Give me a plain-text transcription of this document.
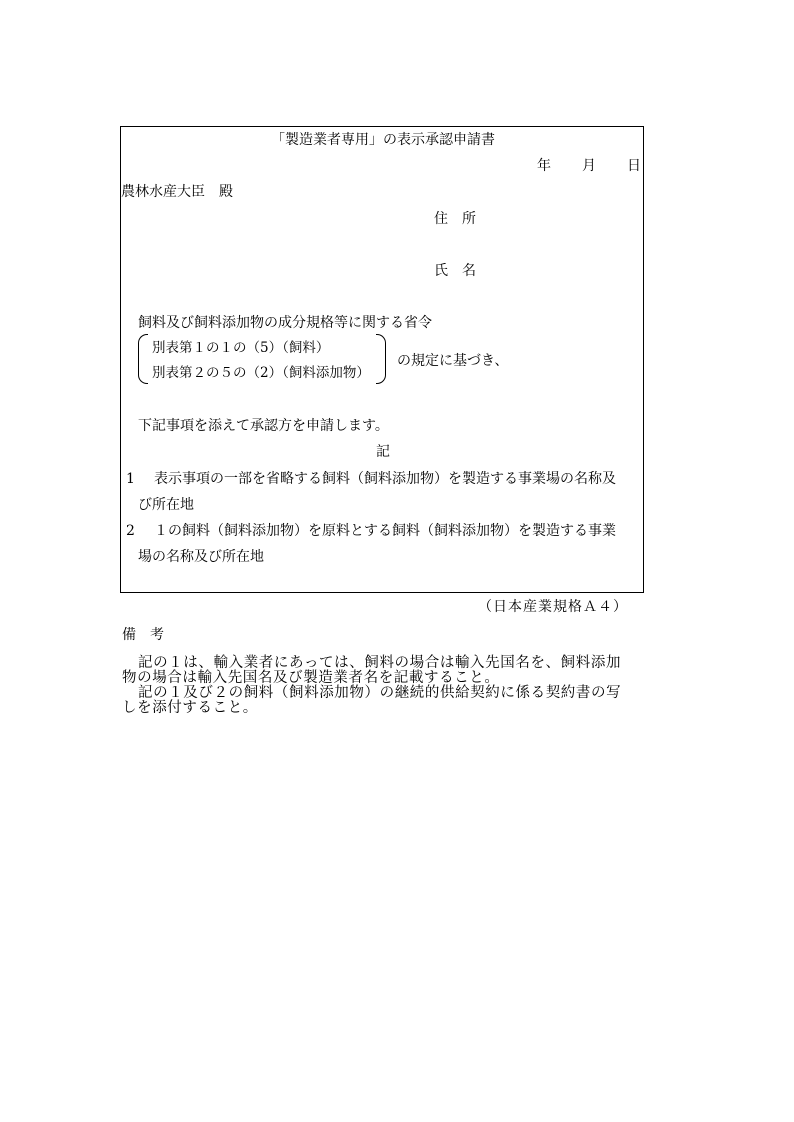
「製造業者専用」の表示承認申請書
年 月 日
農林水産大臣　殿
住　所
氏　名
飼料及び飼料添加物の成分規格等に関する省令
別表第１の１の（5）（飼料）
別表第２の５の（2）（飼料添加物）
の規定に基づき、
下記事項を添えて承認方を申請します。
記
1 表示事項の一部を省略する飼料（飼料添加物）を製造する事業場の名称及
び所在地
2 １の飼料（飼料添加物）を原料とする飼料（飼料添加物）を製造する事業
場の名称及び所在地
（日本産業規格Ａ４）
備　考
記の１は、輸入業者にあっては、飼料の場合は輸入先国名を、飼料添加
物の場合は輸入先国名及び製造業者名を記載すること。
記の１及び２の飼料（飼料添加物）の継続的供給契約に係る契約書の写
しを添付すること。
